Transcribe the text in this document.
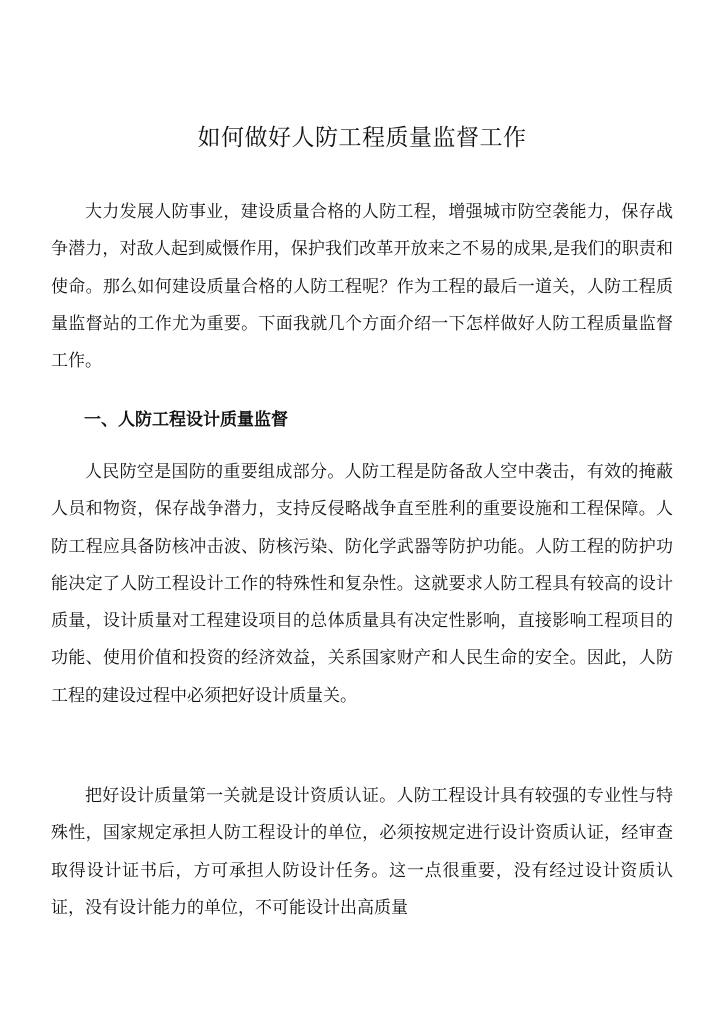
如何做好人防工程质量监督工作

大力发展人防事业，建设质量合格的人防工程，增强城市防空袭能力，保存战争潜力，对敌人起到威慑作用，保护我们改革开放来之不易的成果,是我们的职责和使命。那么如何建设质量合格的人防工程呢？作为工程的最后一道关，人防工程质量监督站的工作尤为重要。下面我就几个方面介绍一下怎样做好人防工程质量监督工作。

一、人防工程设计质量监督

人民防空是国防的重要组成部分。人防工程是防备敌人空中袭击，有效的掩蔽人员和物资，保存战争潜力，支持反侵略战争直至胜利的重要设施和工程保障。人防工程应具备防核冲击波、防核污染、防化学武器等防护功能。人防工程的防护功能决定了人防工程设计工作的特殊性和复杂性。这就要求人防工程具有较高的设计质量，设计质量对工程建设项目的总体质量具有决定性影响，直接影响工程项目的功能、使用价值和投资的经济效益，关系国家财产和人民生命的安全。因此，人防工程的建设过程中必须把好设计质量关。

把好设计质量第一关就是设计资质认证。人防工程设计具有较强的专业性与特殊性，国家规定承担人防工程设计的单位，必须按规定进行设计资质认证，经审查取得设计证书后，方可承担人防设计任务。这一点很重要，没有经过设计资质认证，没有设计能力的单位，不可能设计出高质量
